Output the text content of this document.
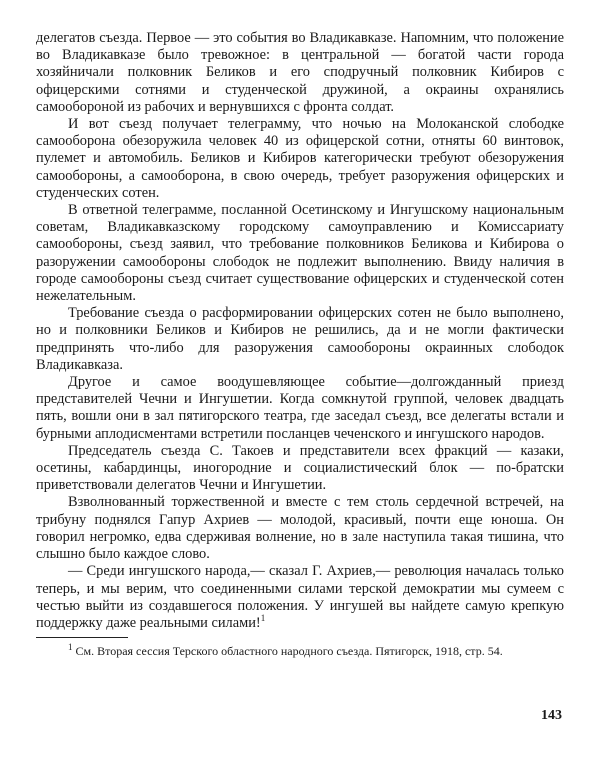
делегатов съезда. Первое — это события во Владикавказе. Напомним, что положение во Владикавказе было тревожное: в центральной — богатой части города хозяйничали полковник Беликов и его сподручный полковник Кибиров с офицерскими сотнями и студенческой дружиной, а окраины охранялись самообороной из рабочих и вернувшихся с фронта солдат.

И вот съезд получает телеграмму, что ночью на Молоканской слободке самооборона обезоружила человек 40 из офицерской сотни, отняты 60 винтовок, пулемет и автомобиль. Беликов и Кибиров категорически требуют обезоружения самообороны, а самооборона, в свою очередь, требует разоружения офицерских и студенческих сотен.

В ответной телеграмме, посланной Осетинскому и Ингушскому национальным советам, Владикавказскому городскому самоуправлению и Комиссариату самообороны, съезд заявил, что требование полковников Беликова и Кибирова о разоружении самообороны слободок не подлежит выполнению. Ввиду наличия в городе самообороны съезд считает существование офицерских и студенческой сотен нежелательным.

Требование съезда о расформировании офицерских сотен не было выполнено, но и полковники Беликов и Кибиров не решились, да и не могли фактически предпринять что-либо для разоружения самообороны окраинных слободок Владикавказа.

Другое и самое воодушевляющее событие—долгожданный приезд представителей Чечни и Ингушетии. Когда сомкнутой группой, человек двадцать пять, вошли они в зал пятигорского театра, где заседал съезд, все делегаты встали и бурными аплодисментами встретили посланцев чеченского и ингушского народов.

Председатель съезда С. Такоев и представители всех фракций — казаки, осетины, кабардинцы, иногородние и социалистический блок — по-братски приветствовали делегатов Чечни и Ингушетии.

Взволнованный торжественной и вместе с тем столь сердечной встречей, на трибуну поднялся Гапур Ахриев — молодой, красивый, почти еще юноша. Он говорил негромко, едва сдерживая волнение, но в зале наступила такая тишина, что слышно было каждое слово.

— Среди ингушского народа,— сказал Г. Ахриев,— революция началась только теперь, и мы верим, что соединенными силами терской демократии мы сумеем с честью выйти из создавшегося положения. У ингушей вы найдете самую крепкую поддержку даже реальными силами!$^1$

$^1$ См. Вторая сессия Терского областного народного съезда. Пятигорск, 1918, стр. 54.

143
